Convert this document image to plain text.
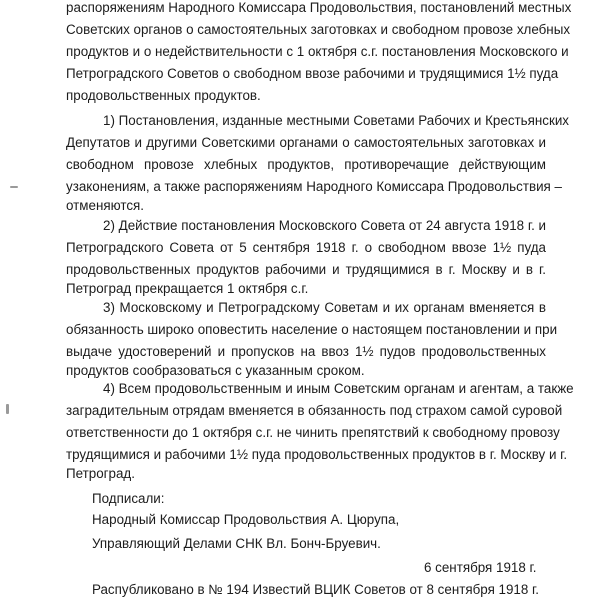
распоряжениям Народного Комиссара Продовольствия, постановлений местных

Советских органов о самостоятельных заготовках и свободном провозе хлебных

продуктов и о недействительности с 1 октября с.г. постановления Московского и

Петроградского Советов о свободном ввозе рабочими и трудящимися 1½ пуда

продовольственных продуктов.

1) Постановления, изданные местными Советами Рабочих и Крестьянских

Депутатов и другими Советскими органами о самостоятельных заготовках и

свободном провозе хлебных продуктов, противоречащие действующим

узаконениям, а также распоряжениям Народного Комиссара Продовольствия –

отменяются.

2) Действие постановления Московского Совета от 24 августа 1918 г. и

Петроградского Совета от 5 сентября 1918 г. о свободном ввозе 1½ пуда

продовольственных продуктов рабочими и трудящимися в г. Москву и в г.

Петроград прекращается 1 октября с.г.

3) Московскому и Петроградскому Советам и их органам вменяется в

обязанность широко оповестить население о настоящем постановлении и при

выдаче удостоверений и пропусков на ввоз 1½ пудов продовольственных

продуктов сообразоваться с указанным сроком.

4) Всем продовольственным и иным Советским органам и агентам, а также

заградительным отрядам вменяется в обязанность под страхом самой суровой

ответственности до 1 октября с.г. не чинить препятствий к свободному провозу

трудящимися и рабочими 1½ пуда продовольственных продуктов в г. Москву и г.

Петроград.

Подписали:

Народный Комиссар Продовольствия А. Цюрупа,

Управляющий Делами СНК Вл. Бонч-Бруевич.

6 сентября 1918 г.

Распубликовано в № 194 Известий ВЦИК Советов от 8 сентября 1918 г.
